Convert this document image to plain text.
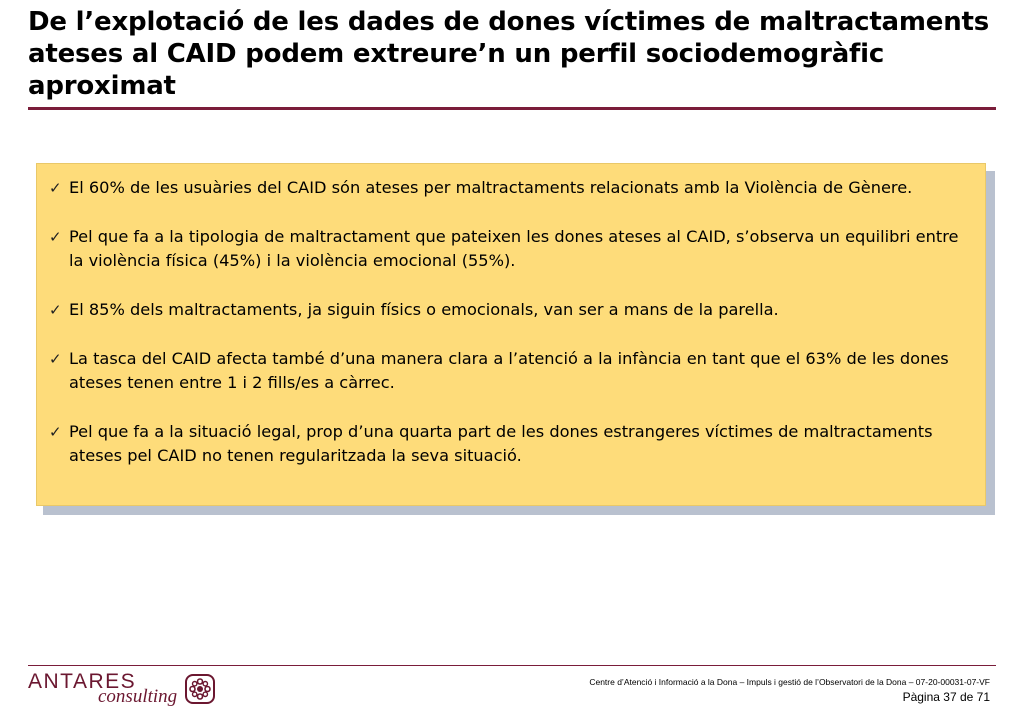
De l’explotació de les dades de dones víctimes de maltractaments ateses al CAID podem extreure’n un perfil sociodemogràfic aproximat
✓ El 60% de les usuàries del CAID són ateses per maltractaments relacionats amb la Violència de Gènere.
✓ Pel que fa a la tipologia de maltractament que pateixen les dones ateses al CAID, s’observa un equilibri entre la violència física (45%) i la violència emocional (55%).
✓ El 85% dels maltractaments, ja siguin físics o emocionals, van ser a mans de la parella.
✓ La tasca del CAID afecta també d’una manera clara a l’atenció a la infància en tant que el 63% de les dones ateses tenen entre 1 i 2 fills/es a càrrec.
✓ Pel que fa a la situació legal, prop d’una quarta part de les dones estrangeres víctimes de maltractaments ateses pel CAID no tenen regularitzada la seva situació.
ANTARES
consulting
Centre d’Atenció i Informació a la Dona – Impuls i gestió de l’Observatori de la Dona – 07-20-00031-07-VF
Pàgina 37 de 71
